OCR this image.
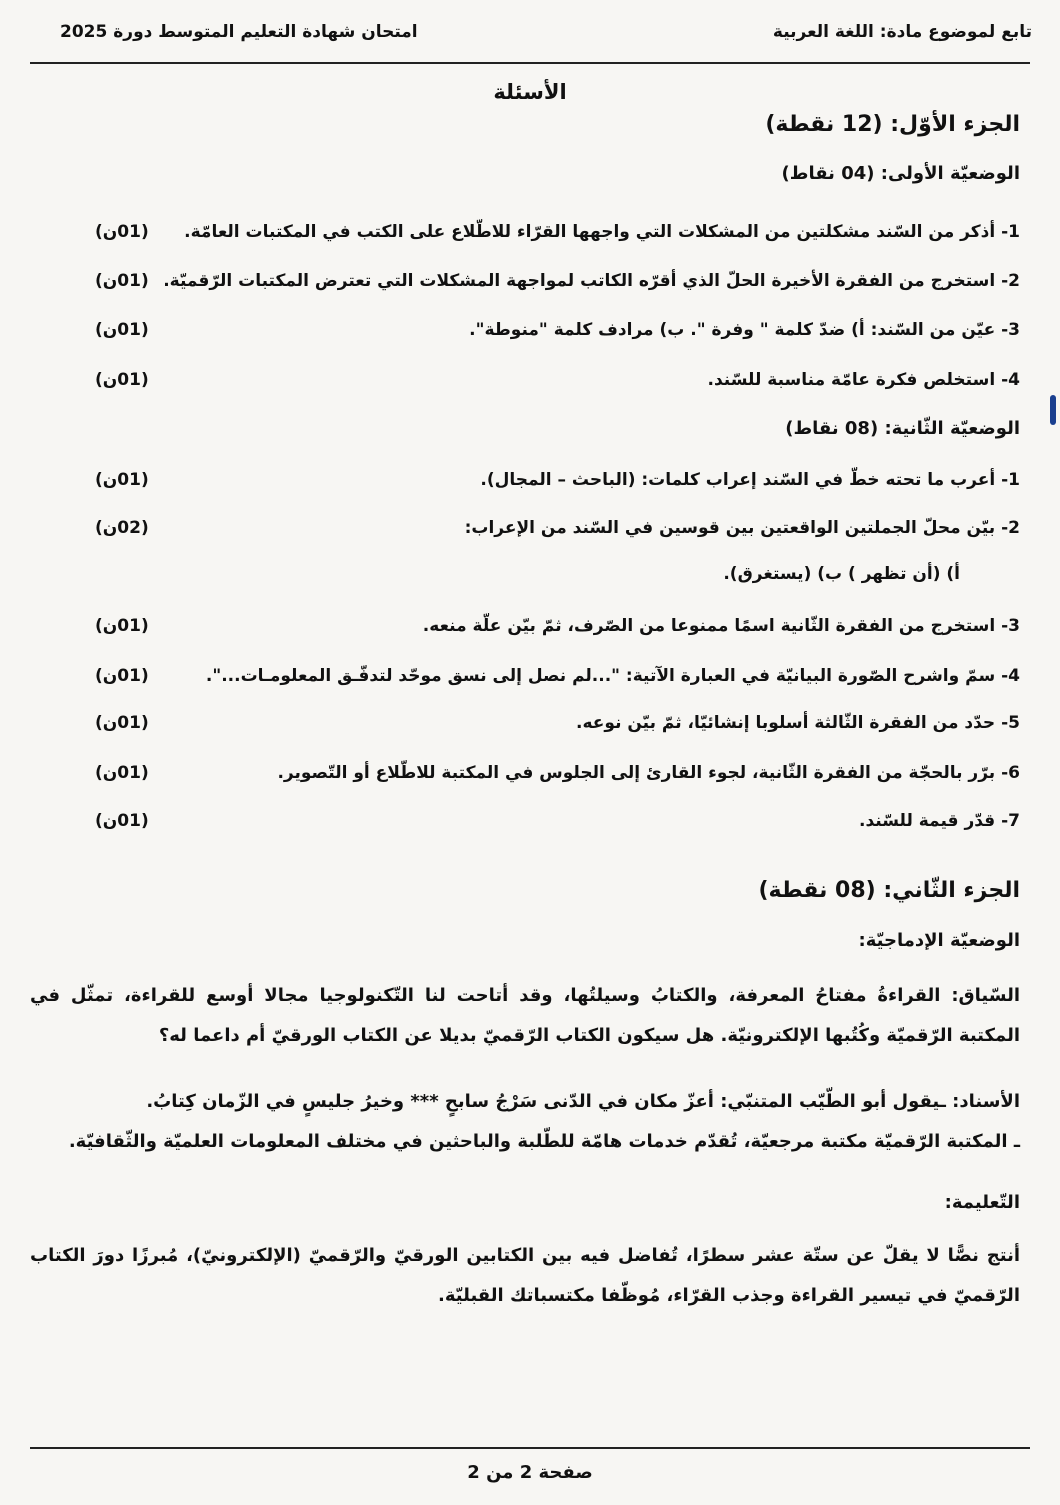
تابع لموضوع مادة: اللغة العربية
امتحان شهادة التعليم المتوسط دورة 2025
الأسئلة
الجزء الأوّل: (12 نقطة)
الوضعيّة الأولى: (04 نقاط)
1- أذكر من السّند مشكلتين من المشكلات التي واجهها القرّاء للاطّلاع على الكتب في المكتبات العامّة.
(01ن)
2- استخرج من الفقرة الأخيرة الحلّ الذي أقرّه الكاتب لمواجهة المشكلات التي تعترض المكتبات الرّقميّة.
(01ن)
3- عيّن من السّند: أ) ضدّ كلمة " وفرة ". ب) مرادف كلمة "منوطة".
(01ن)
4- استخلص فكرة عامّة مناسبة للسّند.
(01ن)
الوضعيّة الثّانية: (08 نقاط)
1- أعرب ما تحته خطّ في السّند إعراب كلمات: (الباحث – المجال).
(01ن)
2- بيّن محلّ الجملتين الواقعتين بين قوسين في السّند من الإعراب:
(02ن)
أ) (أن تظهر ) ب) (يستغرق).
3- استخرج من الفقرة الثّانية اسمًا ممنوعا من الصّرف، ثمّ بيّن علّة منعه.
(01ن)
4- سمّ واشرح الصّورة البيانيّة في العبارة الآتية: "...لم نصل إلى نسق موحّد لتدفّـق المعلومـات...".
(01ن)
5- حدّد من الفقرة الثّالثة أسلوبا إنشائيّا، ثمّ بيّن نوعه.
(01ن)
6- برّر بالحجّة من الفقرة الثّانية، لجوء القارئ إلى الجلوس في المكتبة للاطّلاع أو التّصوير.
(01ن)
7- قدّر قيمة للسّند.
(01ن)
الجزء الثّاني: (08 نقطة)
الوضعيّة الإدماجيّة:
السّياق: القراءةُ مفتاحُ المعرفة، والكتابُ وسيلتُها، وقد أتاحت لنا التّكنولوجيا مجالا أوسع للقراءة، تمثّل في المكتبة الرّقميّة وكُتُبها الإلكترونيّة. هل سيكون الكتاب الرّقميّ بديلا عن الكتاب الورقيّ أم داعما له؟
الأسناد: ـيقول أبو الطّيّب المتنبّي: أعزّ مكان في الدّنى سَرْجُ سابحٍ *** وخيرُ جليسٍ في الزّمان كِتابُ.
ـ المكتبة الرّقميّة مكتبة مرجعيّة، تُقدّم خدمات هامّة للطّلبة والباحثين في مختلف المعلومات العلميّة والثّقافيّة.
التّعليمة:
أنتج نصًّا لا يقلّ عن ستّة عشر سطرًا، تُفاضل فيه بين الكتابين الورقيّ والرّقميّ (الإلكترونيّ)، مُبرزًا دورَ الكتاب الرّقميّ في تيسير القراءة وجذب القرّاء، مُوظّفا مكتسباتك القبليّة.
صفحة 2 من 2
